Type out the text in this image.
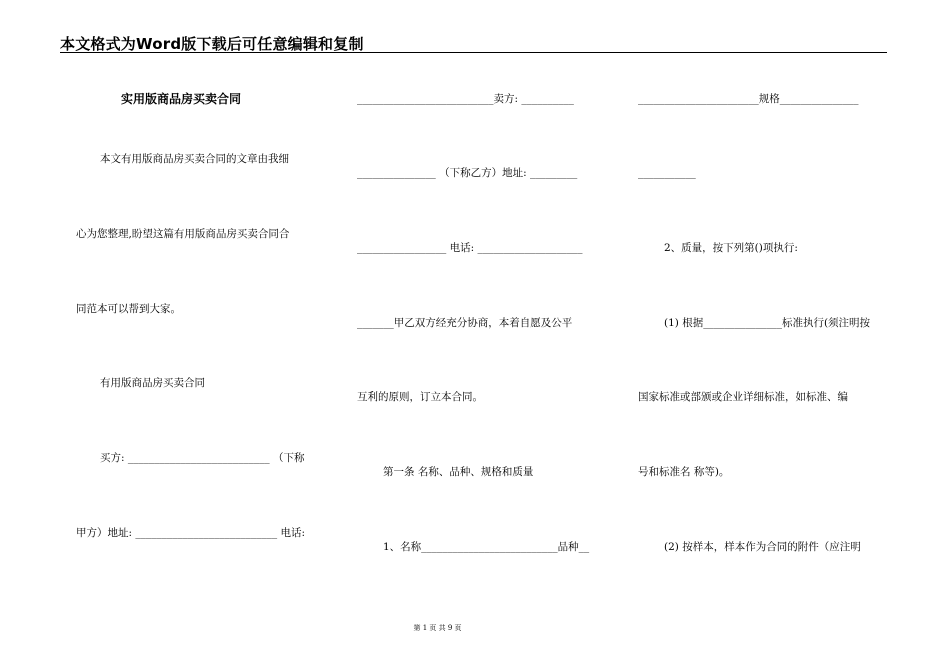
本文格式为Word版下载后可任意编辑和复制
实用版商品房买卖合同
本文有用版商品房买卖合同的文章由我细
心为您整理,盼望这篇有用版商品房买卖合同合
同范本可以帮到大家。
有用版商品房买卖合同
买方: ___________________________ （下称
甲方）地址: ___________________________ 电话:
__________________________卖方: __________
_______________ （下称乙方）地址: _________
_________________ 电话: ____________________
_______甲乙双方经充分协商，本着自愿及公平
互利的原则，订立本合同。
第一条 名称、品种、规格和质量
1、名称__________________________品种__
_______________________规格_______________
___________
2、质量，按下列第()项执行:
(1) 根据_______________标准执行(须注明按
国家标准或部颁或企业详细标准，如标准、编
号和标准名 称等)。
(2) 按样本，样本作为合同的附件（应注明
第 1 页 共 9 页
